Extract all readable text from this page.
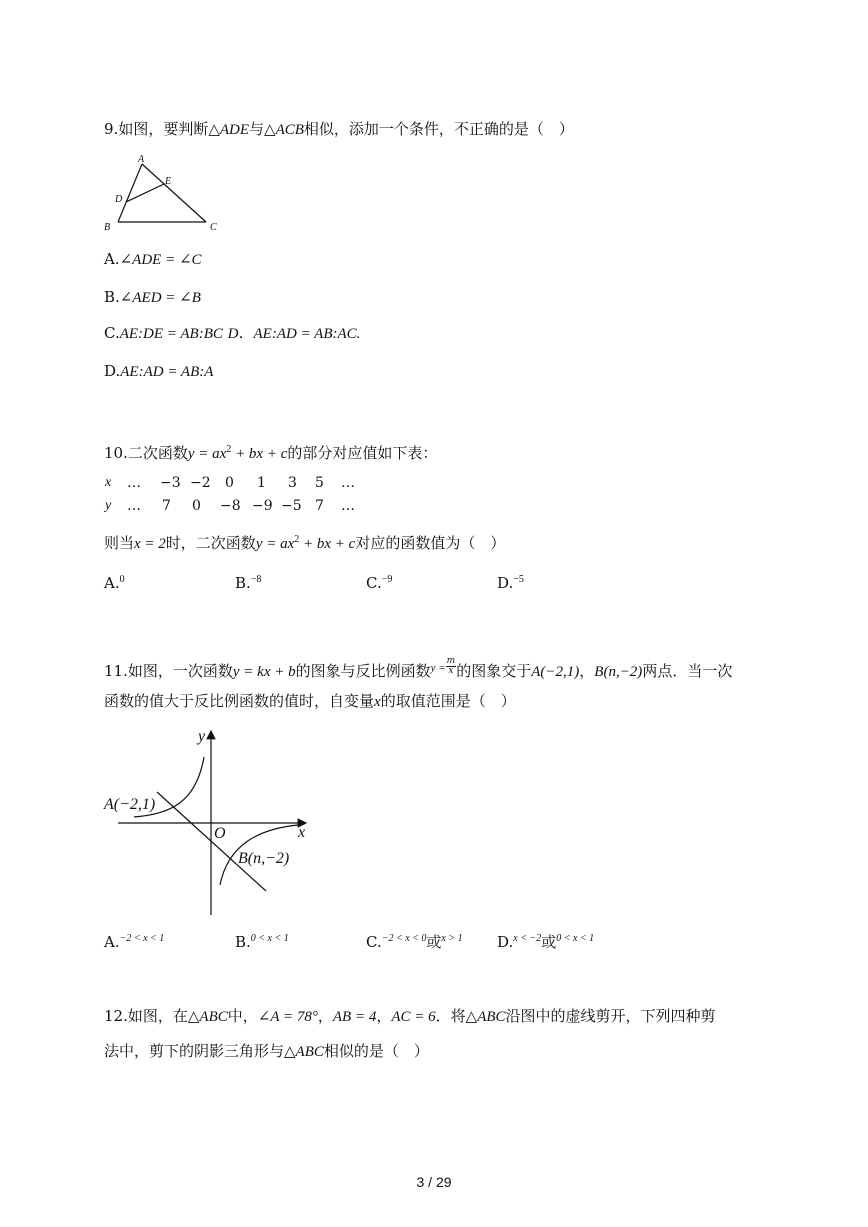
9.如图，要判断△ADE与△ACB相似，添加一个条件，不正确的是（　）
A
E
D
B	C
A.∠ADE = ∠C
B.∠AED = ∠B
C.AE:DE = AB:BC D．AE:AD = AB:AC.
D.AE:AD = AB:A
10.二次函数$y = ax^2$ + bx + c的部分对应值如下表：
x … −3 −2 0 1 3 5 …
y … 7 0 −8 −9 −5 7 …
则当x = 2时，二次函数$y = ax^2$ + bx + c对应的函数值为（　）
A.$^0$	B.$^{-8}$	C.$^{-9}$	D.$^{-5}$
11.如图，一次函数y = kx + b的图象与反比例函数$^{y =} \frac{m}{x}$ 的图象交于A(−2,1)，B(n,−2)两点．当一次
函数的值大于反比例函数的值时，自变量x的取值范围是（　）
y
x
O
A(−2,1)
B(n,−2)
A.$^{-2 < x < 1}$	B.$^{0 < x < 1}$	C.$^{-2 < x < 0}$或$^{x > 1}$ D.$^{x < -2}$或$^{0 < x < 1}$
12.如图，在△ABC中，∠A = 78°，AB = 4，AC = 6．将△ABC沿图中的虚线剪开，下列四种剪
法中，剪下的阴影三角形与△ABC相似的是（　）
3 / 29
